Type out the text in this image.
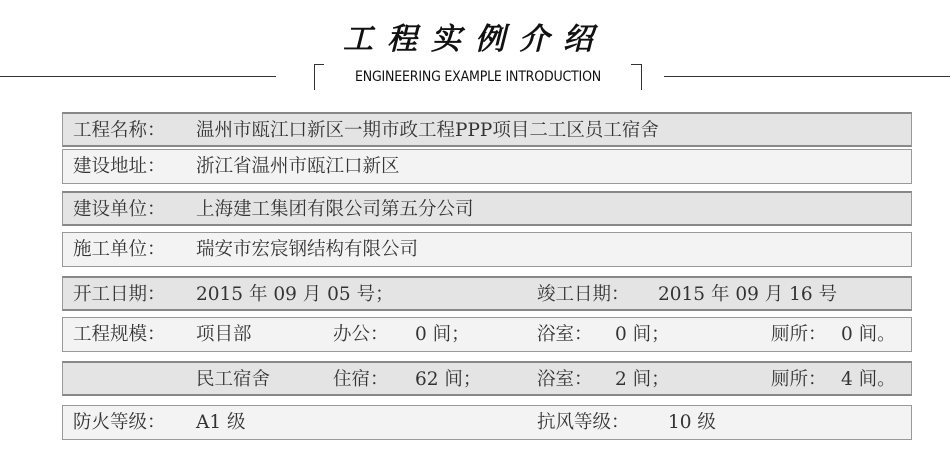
工程实例介绍
ENGINEERING EXAMPLE INTRODUCTION
工程名称： 温州市瓯江口新区一期市政工程PPP项目二工区员工宿舍
建设地址： 浙江省温州市瓯江口新区
建设单位： 上海建工集团有限公司第五分公司
施工单位： 瑞安市宏宸钢结构有限公司
开工日期： 2015 年 09 月 05 号；	竣工日期： 2015 年 09 月 16 号
工程规模： 项目部	办公： 0 间；	浴室： 0 间；	厕所： 0 间。
民工宿舍	住宿： 62 间；	浴室： 2 间；	厕所： 4 间。
防火等级： A1 级	抗风等级： 10 级
